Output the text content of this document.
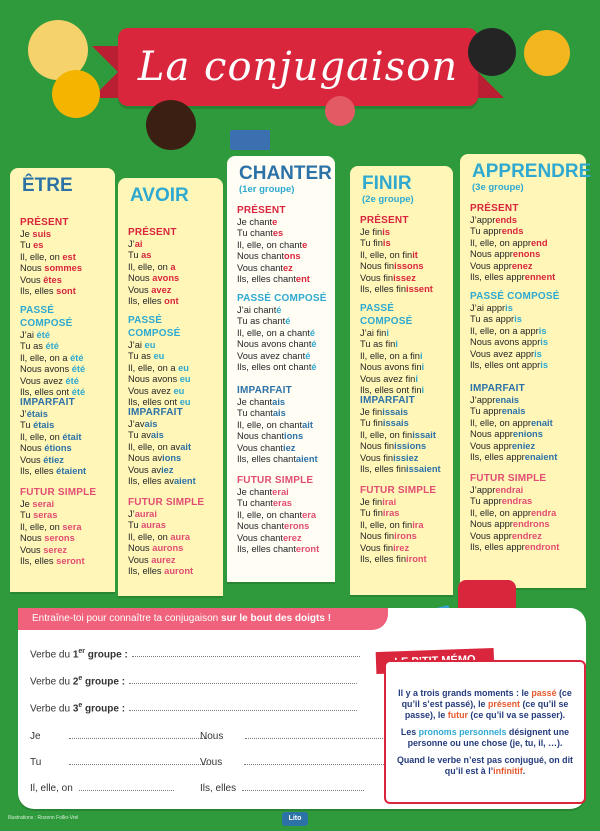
La conjugaison
ÊTRE
PRÉSENT
Je suis
Tu es
Il, elle, on est
Nous sommes
Vous êtes
Ils, elles sont
PASSÉ COMPOSÉ
J’ai été
Tu as été
Il, elle, on a été
Nous avons été
Vous avez été
Ils, elles ont été
IMPARFAIT
J’étais
Tu étais
Il, elle, on était
Nous étions
Vous étiez
Ils, elles étaient
FUTUR SIMPLE
Je serai
Tu seras
Il, elle, on sera
Nous serons
Vous serez
Ils, elles seront
AVOIR
PRÉSENT
J’ai
Tu as
Il, elle, on a
Nous avons
Vous avez
Ils, elles ont
PASSÉ COMPOSÉ
J’ai eu
Tu as eu
Il, elle, on a eu
Nous avons eu
Vous avez eu
Ils, elles ont eu
IMPARFAIT
J’avais
Tu avais
Il, elle, on avait
Nous avions
Vous aviez
Ils, elles avaient
FUTUR SIMPLE
J’aurai
Tu auras
Il, elle, on aura
Nous aurons
Vous aurez
Ils, elles auront
CHANTER
(1er groupe)
PRÉSENT
Je chante
Tu chantes
Il, elle, on chante
Nous chantons
Vous chantez
Ils, elles chantent
PASSÉ COMPOSÉ
J’ai chanté
Tu as chanté
Il, elle, on a chanté
Nous avons chanté
Vous avez chanté
Ils, elles ont chanté
IMPARFAIT
Je chantais
Tu chantais
Il, elle, on chantait
Nous chantions
Vous chantiez
Ils, elles chantaient
FUTUR SIMPLE
Je chanterai
Tu chanteras
Il, elle, on chantera
Nous chanterons
Vous chanterez
Ils, elles chanteront
FINIR
(2e groupe)
PRÉSENT
Je finis
Tu finis
Il, elle, on finit
Nous finissons
Vous finissez
Ils, elles finissent
PASSÉ COMPOSÉ
J’ai fini
Tu as fini
Il, elle, on a fini
Nous avons fini
Vous avez fini
Ils, elles ont fini
IMPARFAIT
Je finissais
Tu finissais
Il, elle, on finissait
Nous finissions
Vous finissiez
Ils, elles finissaient
FUTUR SIMPLE
Je finirai
Tu finiras
Il, elle, on finira
Nous finirons
Vous finirez
Ils, elles finiront
APPRENDRE
(3e groupe)
PRÉSENT
J’apprends
Tu apprends
Il, elle, on apprend
Nous apprenons
Vous apprenez
Ils, elles apprennent
PASSÉ COMPOSÉ
J’ai appris
Tu as appris
Il, elle, on a appris
Nous avons appris
Vous avez appris
Ils, elles ont appris
IMPARFAIT
J’apprenais
Tu apprenais
Il, elle, on apprenait
Nous apprenions
Vous appreniez
Ils, elles apprenaient
FUTUR SIMPLE
J’apprendrai
Tu apprendras
Il, elle, on apprendra
Nous apprendrons
Vous apprendrez
Ils, elles apprendront
Entraîne-toi pour connaître ta conjugaison sur le bout des doigts !
Verbe du 1er groupe :
Verbe du 2e groupe :
Verbe du 3e groupe :
Je
Tu
Il, elle, on
Nous
Vous
Ils, elles

Il y a trois grands moments : le passé (ce qu’il s’est passé), le présent (ce qu’il se passe), le futur (ce qu’il va se passer).

Les pronoms personnels désignent une personne ou une chose (je, tu, il, …).

Quand le verbe n’est pas conjugué, on dit qu’il est à l’infinitif.

Illustrations : Rozenn Follio-Vrel	Lito
